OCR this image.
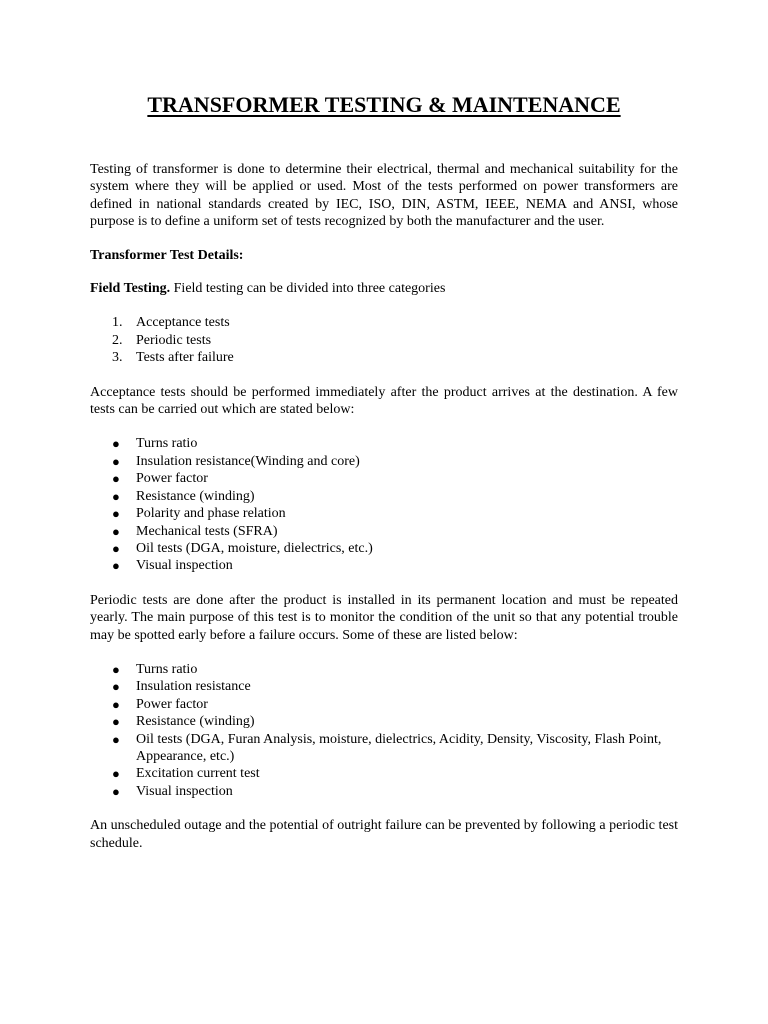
TRANSFORMER TESTING & MAINTENANCE

Testing of transformer is done to determine their electrical, thermal and mechanical suitability for the system where they will be applied or used. Most of the tests performed on power transformers are defined in national standards created by IEC, ISO, DIN, ASTM, IEEE, NEMA and ANSI, whose purpose is to define a uniform set of tests recognized by both the manufacturer and the user.

Transformer Test Details:

Field Testing. Field testing can be divided into three categories

1. Acceptance tests
2. Periodic tests
3. Tests after failure

Acceptance tests should be performed immediately after the product arrives at the destination. A few tests can be carried out which are stated below:

● Turns ratio
● Insulation resistance(Winding and core)
● Power factor
● Resistance (winding)
● Polarity and phase relation
● Mechanical tests (SFRA)
● Oil tests (DGA, moisture, dielectrics, etc.)
● Visual inspection

Periodic tests are done after the product is installed in its permanent location and must be repeated yearly. The main purpose of this test is to monitor the condition of the unit so that any potential trouble may be spotted early before a failure occurs. Some of these are listed below:

● Turns ratio
● Insulation resistance
● Power factor
● Resistance (winding)
● Oil tests (DGA, Furan Analysis, moisture, dielectrics, Acidity, Density, Viscosity, Flash Point, Appearance, etc.)
● Excitation current test
● Visual inspection

An unscheduled outage and the potential of outright failure can be prevented by following a periodic test schedule.
